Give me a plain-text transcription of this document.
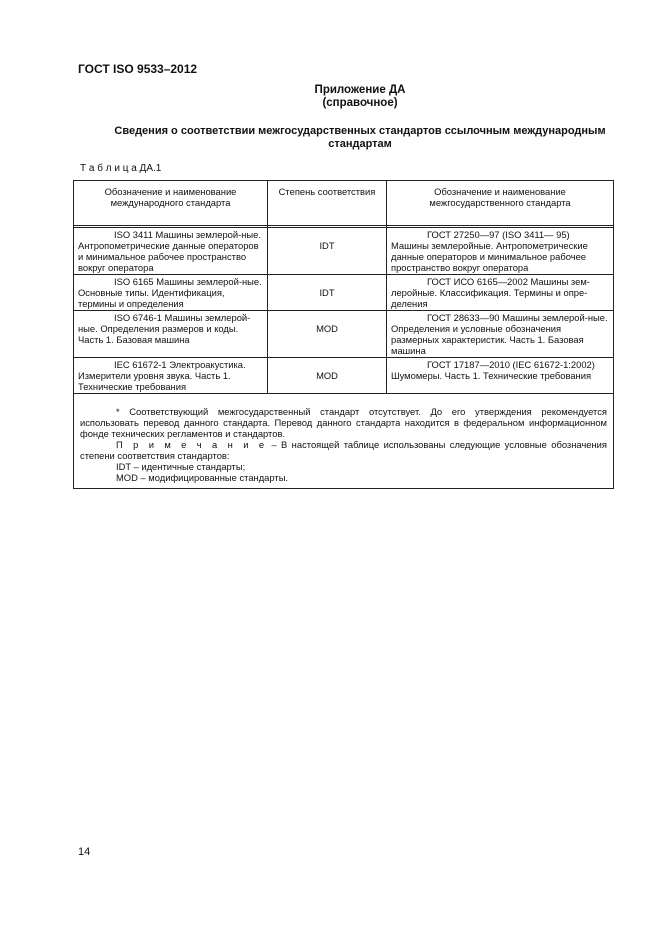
ГОСТ ISO 9533–2012
Приложение ДА
(справочное)
Сведения о соответствии межгосударственных стандартов ссылочным международным стандартам
Т а б л и ц а ДА.1
Обозначение и наименование международного стандарта	Степень соответствия	Обозначение и наименование межгосударственного стандарта

ISO 3411 Машины землерой-ные. Антропометрические данные операторов и минимальное рабочее пространство вокруг оператора	IDT	ГОСТ 27250—97 (ISO 3411— 95) Машины землеройные. Антропометрические данные операторов и минимальное рабочее пространство вокруг оператора
ISO 6165 Машины землерой-ные. Основные типы. Идентификация, термины и определения	IDT	ГОСТ ИСО 6165—2002 Машины зем-леройные. Классификация. Термины и опре-деления
ISO 6746-1 Машины землерой-ные. Определения размеров и коды. Часть 1. Базовая машина	MOD	ГОСТ 28633—90 Машины землерой-ные. Определения и условные обозначения размерных характеристик. Часть 1. Базовая машина
IEC 61672-1 Электроакустика. Измерители уровня звука. Часть 1. Технические требования	MOD	ГОСТ 17187—2010 (IEC 61672-1:2002) Шумомеры. Часть 1. Технические требования

* Соответствующий межгосударственный стандарт отсутствует. До его утверждения рекомендуется использовать перевод данного стандарта. Перевод данного стандарта находится в федеральном информационном фонде технических регламентов и стандартов.

П р и м е ч а н и е – В настоящей таблице использованы следующие условные обозначения степени соответствия стандартов:

IDT – идентичные стандарты;

MOD – модифицированные стандарты.		

14
